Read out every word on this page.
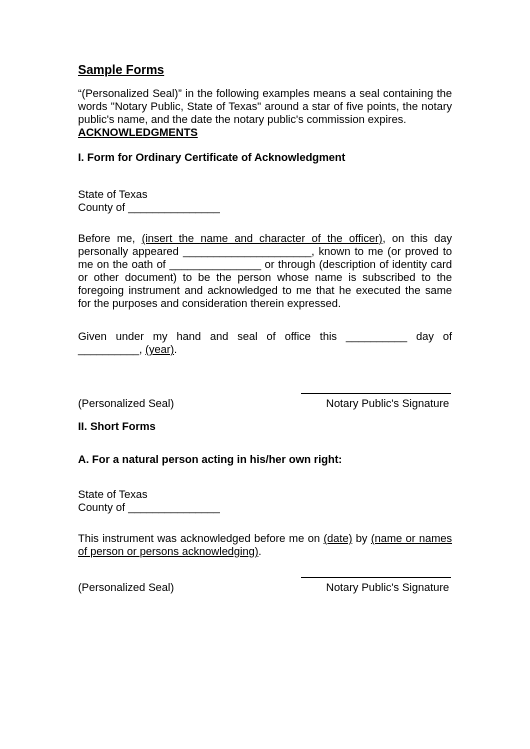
Sample Forms

“(Personalized Seal)” in the following examples means a seal containing the words "Notary Public, State of Texas" around a star of five points, the notary public's name, and the date the notary public's commission expires.

ACKNOWLEDGMENTS

I. Form for Ordinary Certificate of Acknowledgment

State of Texas

County of _______________

Before me, (insert the name and character of the officer), on this day personally appeared _____________________, known to me (or proved to me on the oath of _______________ or through (description of identity card or other document) to be the person whose name is subscribed to the foregoing instrument and acknowledged to me that he executed the same for the purposes and consideration therein expressed.

Given under my hand and seal of office this __________ day of __________, (year).

(Personalized Seal)	Notary Public's Signature

II. Short Forms

A. For a natural person acting in his/her own right:

State of Texas

County of _______________

This instrument was acknowledged before me on (date) by (name or names of person or persons acknowledging).

(Personalized Seal)	Notary Public's Signature
